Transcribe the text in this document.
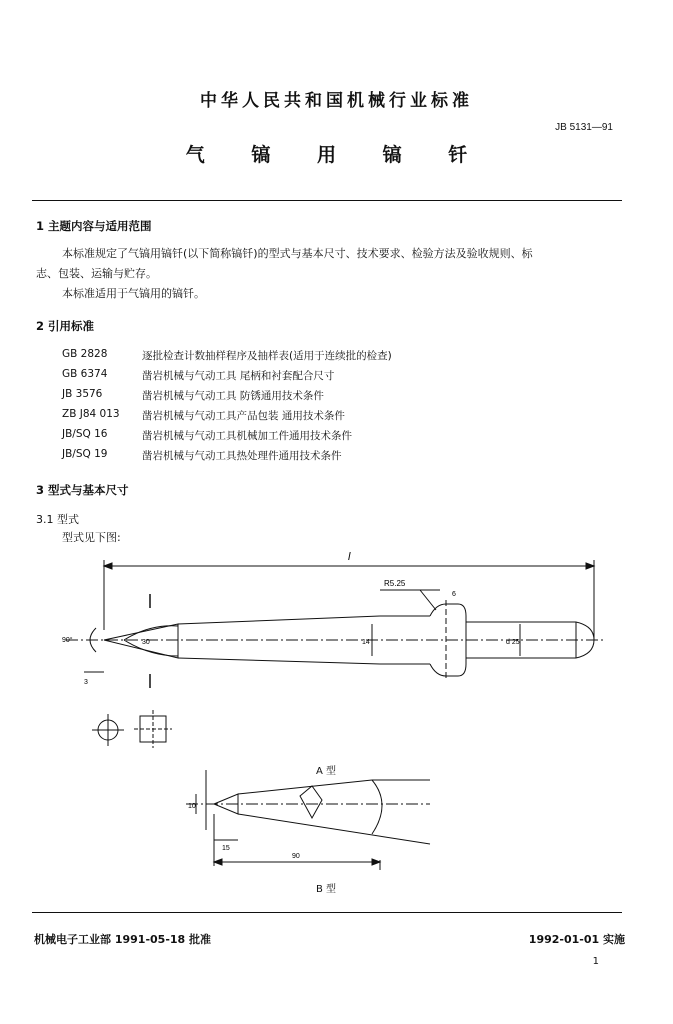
中华人民共和国机械行业标准
JB 5131—91
气 镐 用 镐 钎
1 主题内容与适用范围
本标准规定了气镐用镐钎(以下简称镐钎)的型式与基本尺寸、技术要求、检验方法及验收规则、标
志、包装、运输与贮存。
本标准适用于气镐用的镐钎。
2 引用标准
GB 2828	逐批检查计数抽样程序及抽样表(适用于连续批的检查)
GB 6374	凿岩机械与气动工具 尾柄和衬套配合尺寸
JB 3576	凿岩机械与气动工具 防锈通用技术条件
ZB J84 013	凿岩机械与气动工具产品包装 通用技术条件
JB/SQ 16	凿岩机械与气动工具机械加工件通用技术条件
JB/SQ 19	凿岩机械与气动工具热处理件通用技术条件
3 型式与基本尺寸
3.1 型式
型式见下图:
l
R5.25
90°	30
3
14	d 25
6
A 型
10
15
90
B 型
机械电子工业部 1991-05-18 批准	1992-01-01 实施
1
